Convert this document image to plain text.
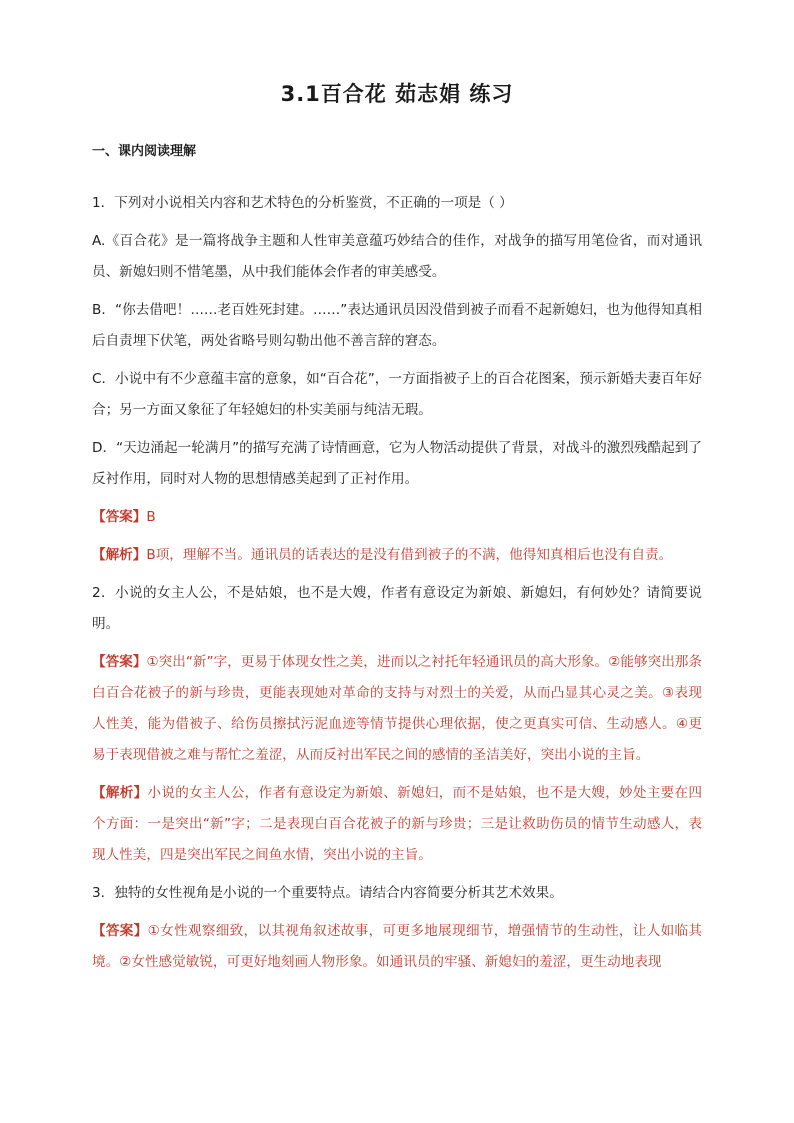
3.1百合花 茹志娟 练习
一、课内阅读理解
1．下列对小说相关内容和艺术特色的分析鉴赏，不正确的一项是（ ）
A.《百合花》是一篇将战争主题和人性审美意蕴巧妙结合的佳作，对战争的描写用笔俭省，而对通讯员、新媳妇则不惜笔墨，从中我们能体会作者的审美感受。
B．“你去借吧！……老百姓死封建。……”表达通讯员因没借到被子而看不起新媳妇，也为他得知真相后自责埋下伏笔，两处省略号则勾勒出他不善言辞的窘态。
C．小说中有不少意蕴丰富的意象，如“百合花”，一方面指被子上的百合花图案，预示新婚夫妻百年好合；另一方面又象征了年轻媳妇的朴实美丽与纯洁无瑕。
D．“天边涌起一轮满月”的描写充满了诗情画意，它为人物活动提供了背景，对战斗的激烈残酷起到了反衬作用，同时对人物的思想情感美起到了正衬作用。
【答案】B
【解析】B项，理解不当。通讯员的话表达的是没有借到被子的不满，他得知真相后也没有自责。
2．小说的女主人公，不是姑娘，也不是大嫂，作者有意设定为新娘、新媳妇，有何妙处？请简要说明。
【答案】①突出“新”字，更易于体现女性之美，进而以之衬托年轻通讯员的高大形象。②能够突出那条白百合花被子的新与珍贵，更能表现她对革命的支持与对烈士的关爱，从而凸显其心灵之美。③表现人性美，能为借被子、给伤员擦拭污泥血迹等情节提供心理依据，使之更真实可信、生动感人。④更易于表现借被之难与帮忙之羞涩，从而反衬出军民之间的感情的圣洁美好，突出小说的主旨。
【解析】小说的女主人公，作者有意设定为新娘、新媳妇，而不是姑娘，也不是大嫂，妙处主要在四个方面：一是突出“新”字；二是表现白百合花被子的新与珍贵；三是让救助伤员的情节生动感人，表现人性美，四是突出军民之间鱼水情，突出小说的主旨。
3．独特的女性视角是小说的一个重要特点。请结合内容简要分析其艺术效果。
【答案】①女性观察细致，以其视角叙述故事，可更多地展现细节，增强情节的生动性，让人如临其境。②女性感觉敏锐，可更好地刻画人物形象。如通讯员的牢骚、新媳妇的羞涩，更生动地表现
